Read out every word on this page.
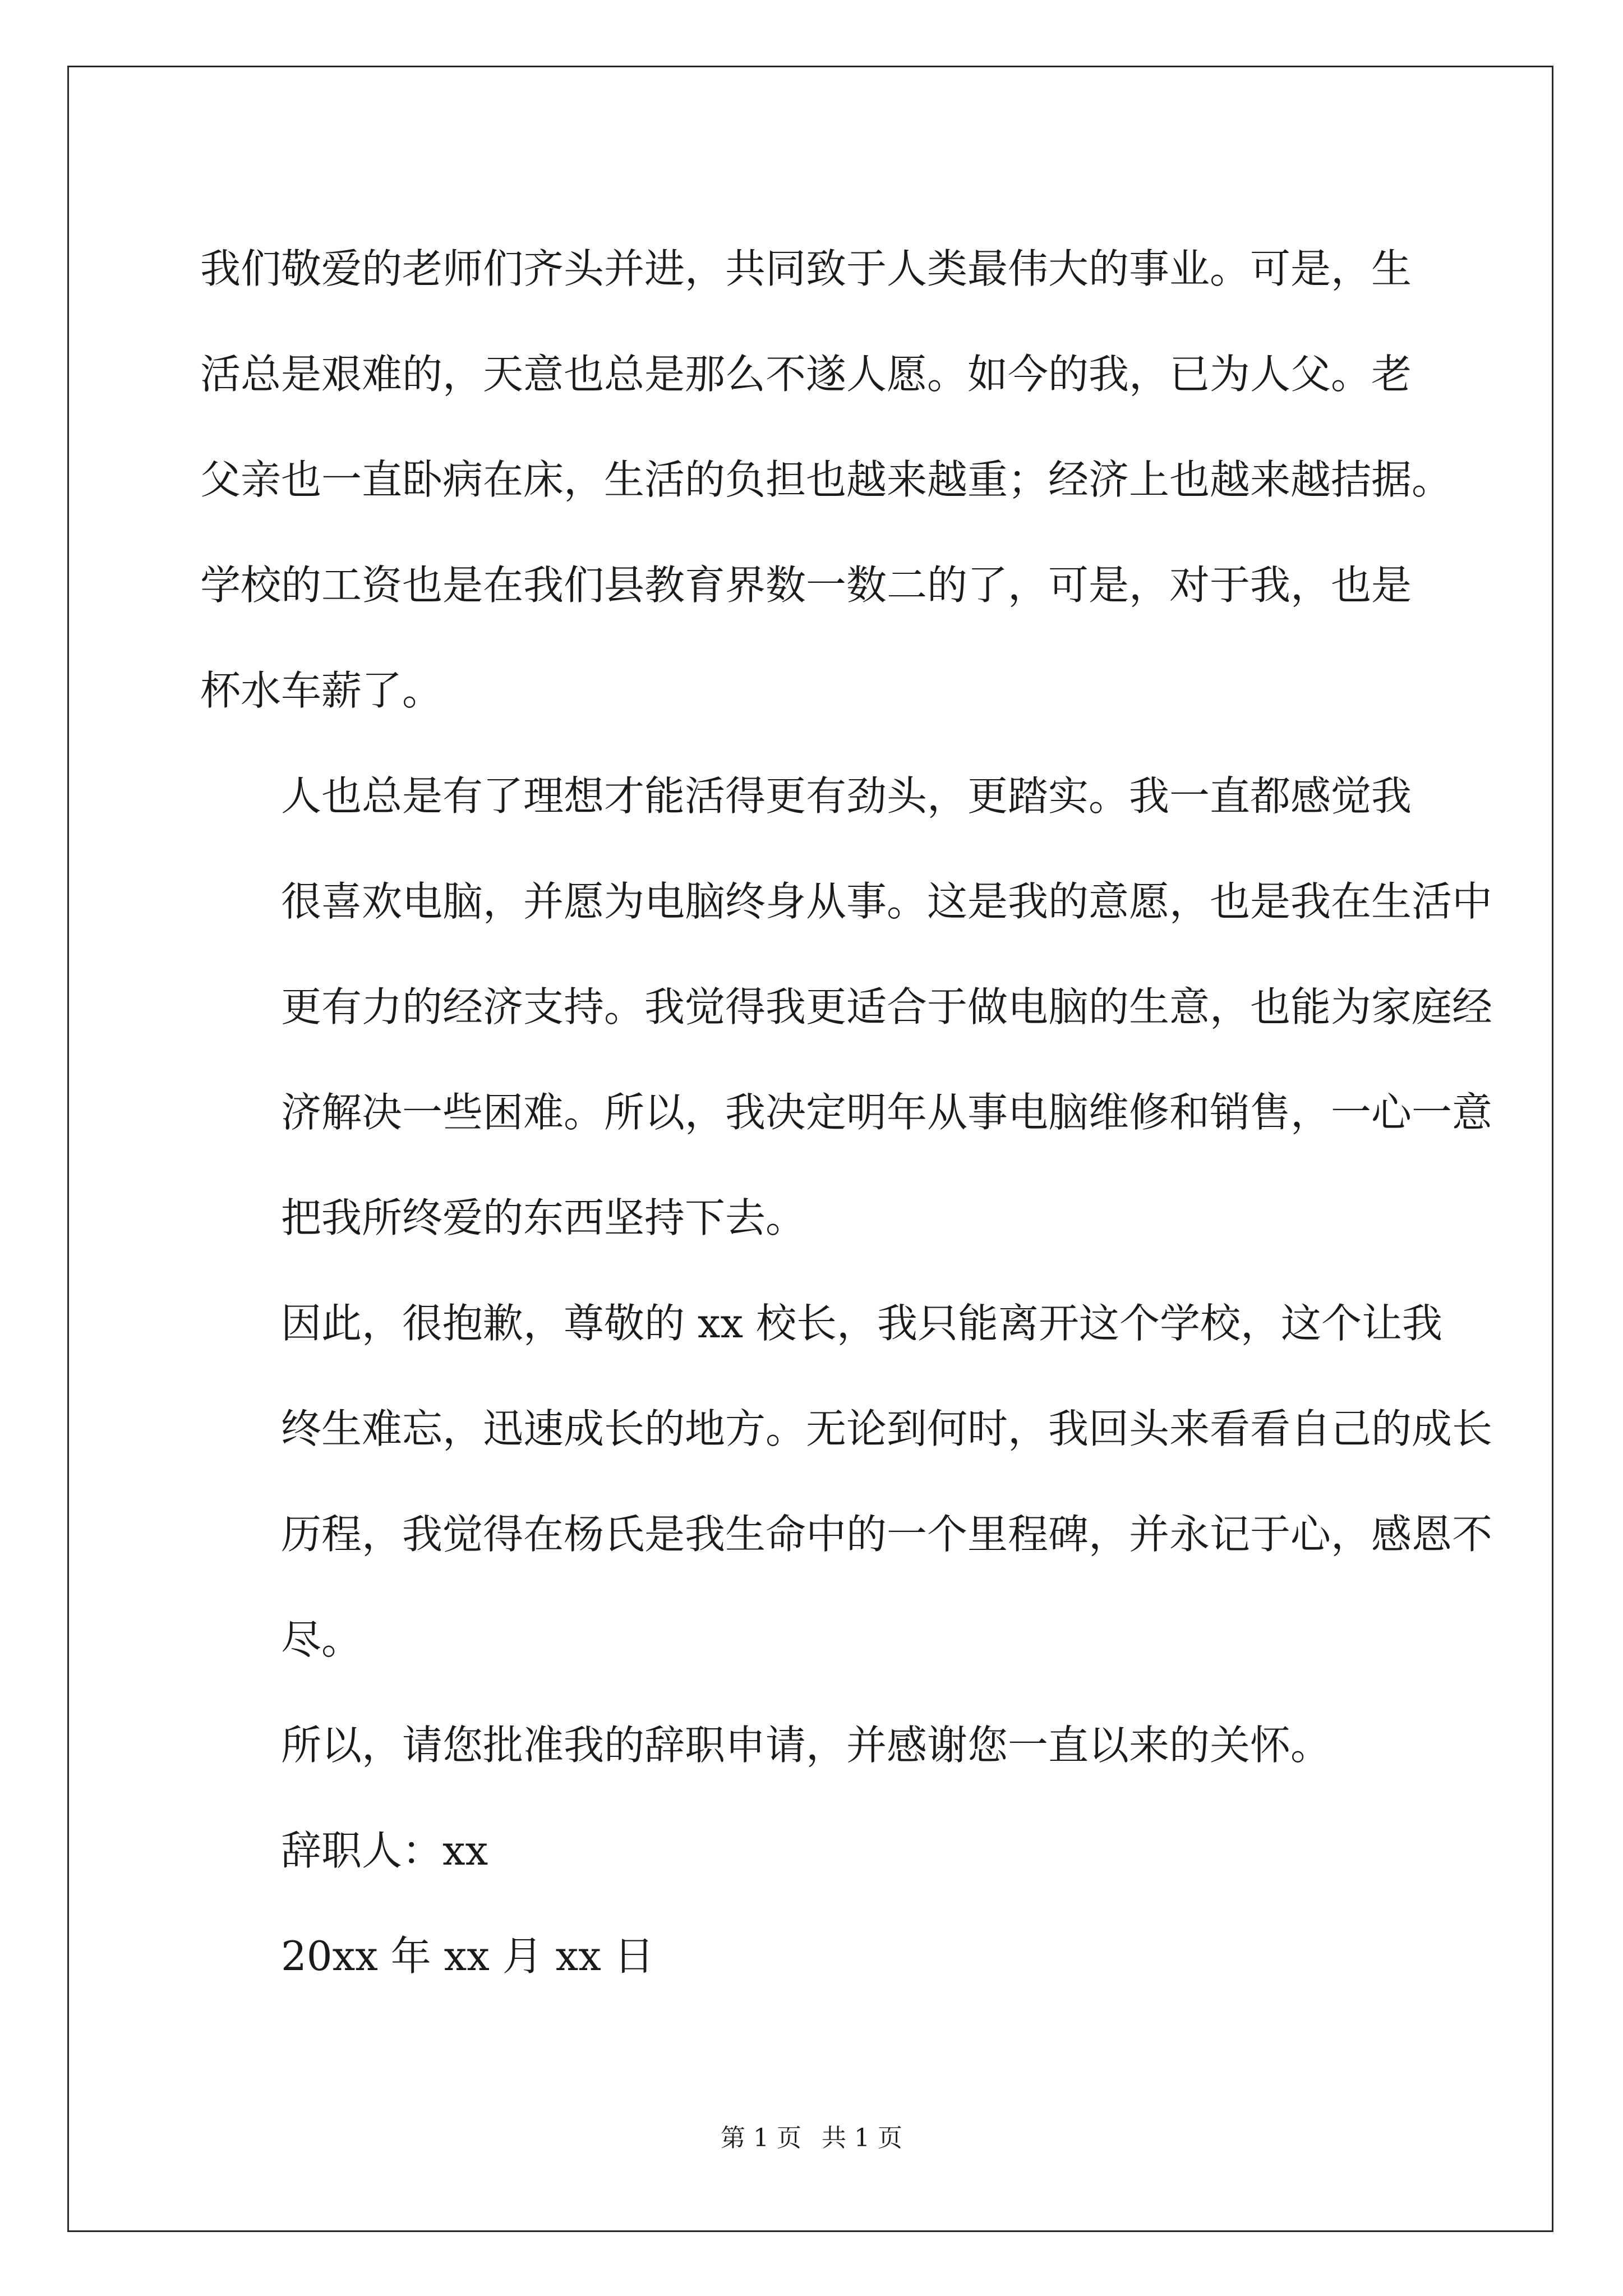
我们敬爱的老师们齐头并进，共同致于人类最伟大的事业。可是，生
活总是艰难的，天意也总是那么不遂人愿。如今的我，已为人父。老
父亲也一直卧病在床，生活的负担也越来越重；经济上也越来越拮据。
学校的工资也是在我们县教育界数一数二的了，可是，对于我，也是
杯水车薪了。

人也总是有了理想才能活得更有劲头，更踏实。我一直都感觉我
很喜欢电脑，并愿为电脑终身从事。这是我的意愿，也是我在生活中
更有力的经济支持。我觉得我更适合于做电脑的生意，也能为家庭经
济解决一些困难。所以，我决定明年从事电脑维修和销售，一心一意
把我所终爱的东西坚持下去。

因此，很抱歉，尊敬的 xx 校长，我只能离开这个学校，这个让我
终生难忘，迅速成长的地方。无论到何时，我回头来看看自己的成长
历程，我觉得在杨氏是我生命中的一个里程碑，并永记于心，感恩不
尽。

所以，请您批准我的辞职申请，并感谢您一直以来的关怀。

辞职人：xx

20xx 年 xx 月 xx 日

第 1 页 共 1 页
